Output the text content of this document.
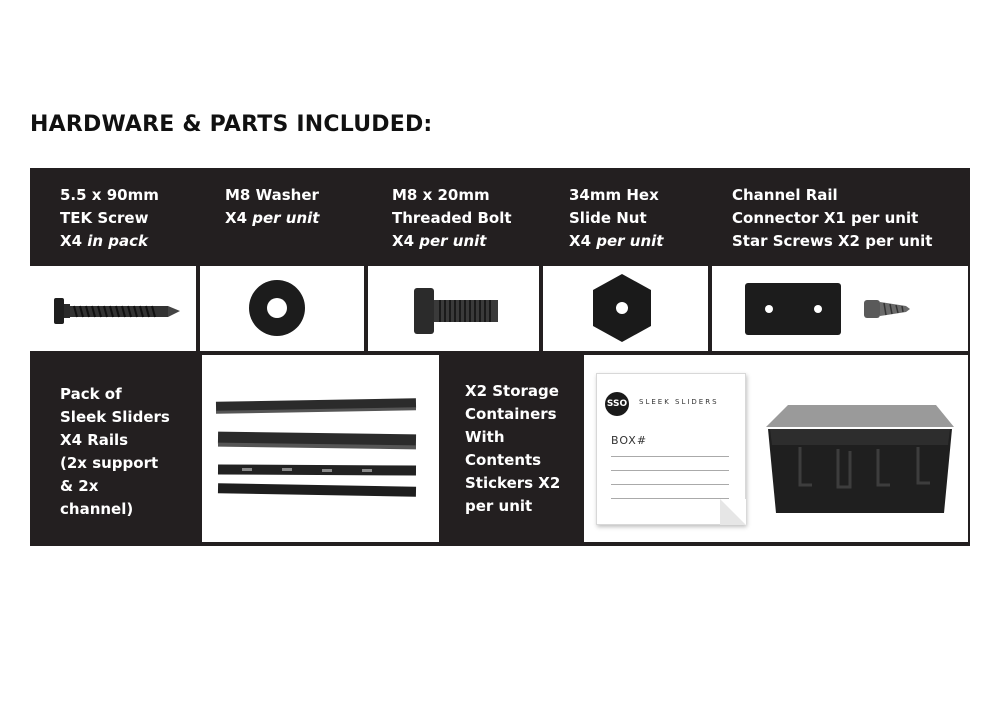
HARDWARE & PARTS INCLUDED:
5.5 x 90mm
TEK Screw
X4 in pack
M8 Washer
X4 per unit
M8 x 20mm
Threaded Bolt
X4 per unit
34mm Hex
Slide Nut
X4 per unit
Channel Rail
Connector X1 per unit
Star Screws X2 per unit
Pack of
Sleek Sliders
X4 Rails
(2x support
& 2x
channel)
X2 Storage
Containers
With
Contents
Stickers X2
per unit
SSO SLEEK SLIDERS
BOX#
